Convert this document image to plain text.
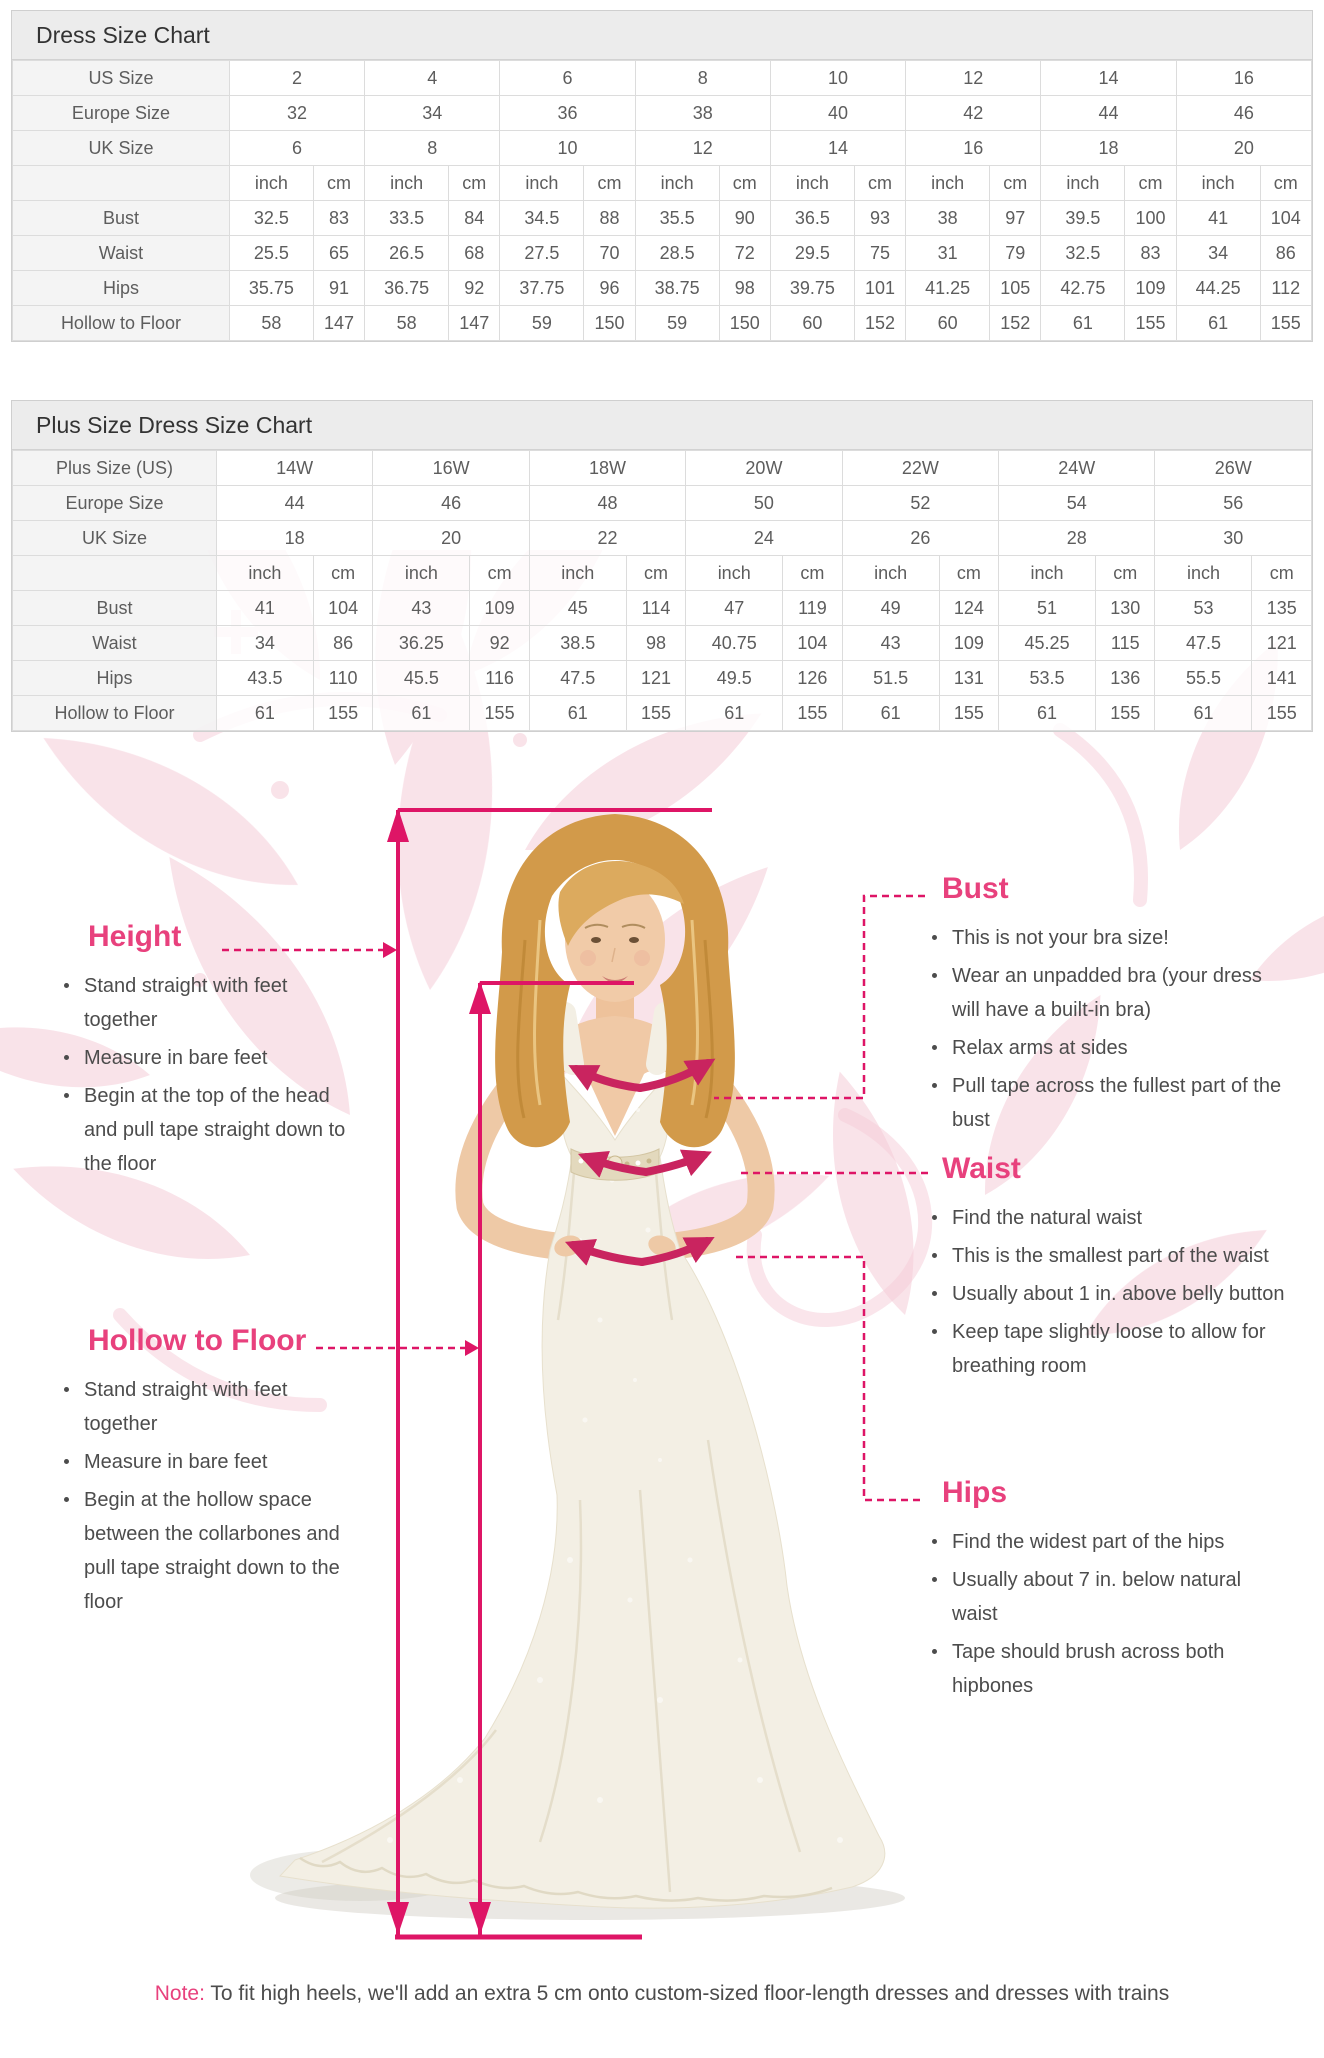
Dress Size Chart
US Size	2		4		6		8		10		12		14		16	
Europe Size	32		34		36		38		40		42		44		46	
UK Size	6		8		10		12		14		16		18		20	
	inch	cm	inch	cm	inch	cm	inch	cm	inch	cm	inch	cm	inch	cm	inch	cm
Bust	32.5	83	33.5	84	34.5	88	35.5	90	36.5	93	38	97	39.5	100	41	104
Waist	25.5	65	26.5	68	27.5	70	28.5	72	29.5	75	31	79	32.5	83	34	86
Hips	35.75	91	36.75	92	37.75	96	38.75	98	39.75	101	41.25	105	42.75	109	44.25	112
Hollow to Floor	58	147	58	147	59	150	59	150	60	152	60	152	61	155	61	155
Plus Size Dress Size Chart
Plus Size (US)	14W		16W		18W		20W		22W		24W		26W	
Europe Size	44		46		48		50		52		54		56	
UK Size	18		20		22		24		26		28		30	
	inch	cm	inch	cm	inch	cm	inch	cm	inch	cm	inch	cm	inch	cm
Bust	41	104	43	109	45	114	47	119	49	124	51	130	53	135
Waist	34	86	36.25	92	38.5	98	40.75	104	43	109	45.25	115	47.5	121
Hips	43.5	110	45.5	116	47.5	121	49.5	126	51.5	131	53.5	136	55.5	141
Hollow to Floor	61	155	61	155	61	155	61	155	61	155	61	155	61	155
Height
Stand straight with feet together
Measure in bare feet
Begin at the top of the head and pull tape straight down to the floor
Hollow to Floor
Stand straight with feet together
Measure in bare feet
Begin at the hollow space between the collarbones and pull tape straight down to the floor
Bust
This is not your bra size!
Wear an unpadded bra (your dress will have a built-in bra)
Relax arms at sides
Pull tape across the fullest part of the bust
Waist
Find the natural waist
This is the smallest part of the waist
Usually about 1 in. above belly button
Keep tape slightly loose to allow for breathing room
Hips
Find the widest part of the hips
Usually about 7 in. below natural waist
Tape should brush across both hipbones
Note: To fit high heels, we'll add an extra 5 cm onto custom-sized floor-length dresses and dresses with trains
